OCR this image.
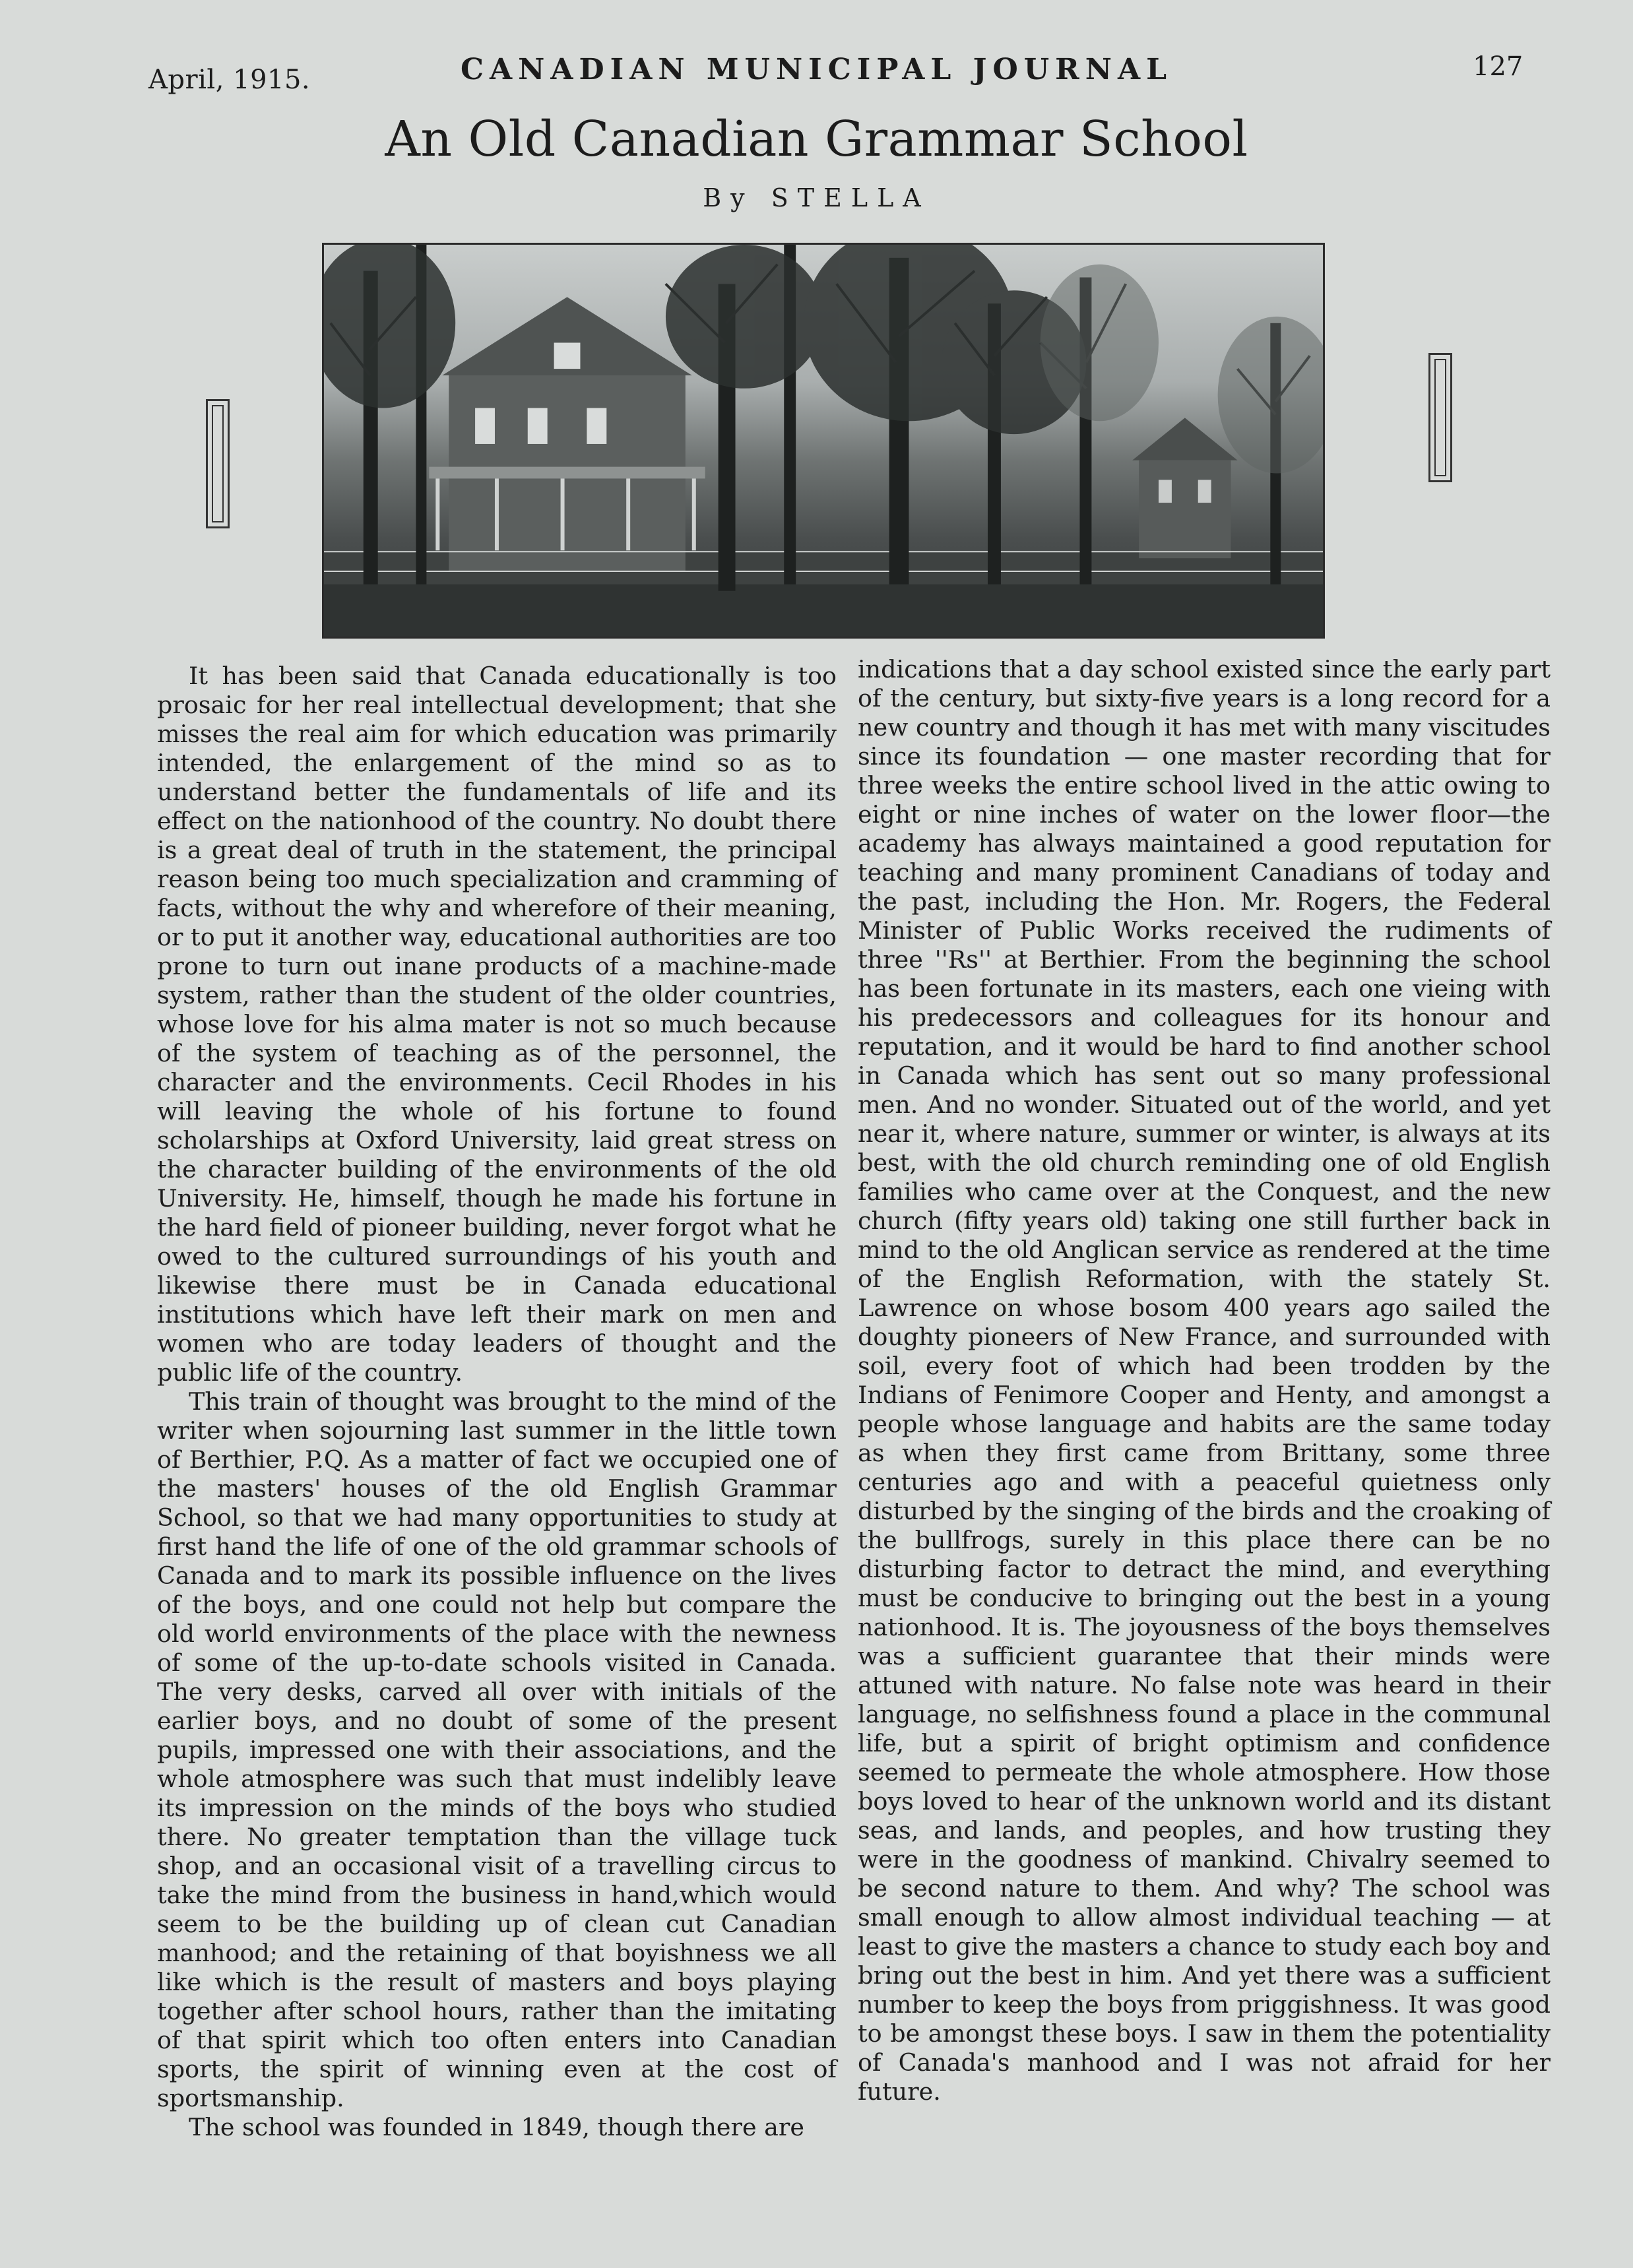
April, 1915.	CANADIAN MUNICIPAL JOURNAL	127
An Old Canadian Grammar School
By STELLA

It has been said that Canada educationally is too prosaic for her real intellectual development; that she misses the real aim for which education was primarily intended, the enlargement of the mind so as to understand better the fundamentals of life and its effect on the nationhood of the country. No doubt there is a great deal of truth in the statement, the principal reason being too much specialization and cramming of facts, without the why and wherefore of their meaning, or to put it another way, educational authorities are too prone to turn out inane products of a machine-made system, rather than the student of the older countries, whose love for his alma mater is not so much because of the system of teaching as of the personnel, the character and the environments. Cecil Rhodes in his will leaving the whole of his fortune to found scholarships at Oxford University, laid great stress on the character building of the environments of the old University. He, himself, though he made his fortune in the hard field of pioneer building, never forgot what he owed to the cultured surroundings of his youth and likewise there must be in Canada educational institutions which have left their mark on men and women who are today leaders of thought and the public life of the country.

This train of thought was brought to the mind of the writer when sojourning last summer in the little town of Berthier, P.Q. As a matter of fact we occupied one of the masters' houses of the old English Grammar School, so that we had many opportunities to study at first hand the life of one of the old grammar schools of Canada and to mark its possible influence on the lives of the boys, and one could not help but compare the old world environments of the place with the newness of some of the up-to-date schools visited in Canada. The very desks, carved all over with initials of the earlier boys, and no doubt of some of the present pupils, impressed one with their associations, and the whole atmosphere was such that must indelibly leave its impression on the minds of the boys who studied there. No greater temptation than the village tuck shop, and an occasional visit of a travelling circus to take the mind from the business in hand,which would seem to be the building up of clean cut Canadian manhood; and the retaining of that boyishness we all like which is the result of masters and boys playing together after school hours, rather than the imitating of that spirit which too often enters into Canadian sports, the spirit of winning even at the cost of sportsmanship.

The school was founded in 1849, though there are

indications that a day school existed since the early part of the century, but sixty-five years is a long record for a new country and though it has met with many viscitudes since its foundation — one master recording that for three weeks the entire school lived in the attic owing to eight or nine inches of water on the lower floor—the academy has always maintained a good reputation for teaching and many prominent Canadians of today and the past, including the Hon. Mr. Rogers, the Federal Minister of Public Works received the rudiments of three ''Rs'' at Berthier. From the beginning the school has been fortunate in its masters, each one vieing with his predecessors and colleagues for its honour and reputation, and it would be hard to find another school in Canada which has sent out so many professional men. And no wonder. Situated out of the world, and yet near it, where nature, summer or winter, is always at its best, with the old church reminding one of old English families who came over at the Conquest, and the new church (fifty years old) taking one still further back in mind to the old Anglican service as rendered at the time of the English Reformation, with the stately St. Lawrence on whose bosom 400 years ago sailed the doughty pioneers of New France, and surrounded with soil, every foot of which had been trodden by the Indians of Fenimore Cooper and Henty, and amongst a people whose language and habits are the same today as when they first came from Brittany, some three centuries ago and with a peaceful quietness only disturbed by the singing of the birds and the croaking of the bullfrogs, surely in this place there can be no disturbing factor to detract the mind, and everything must be conducive to bringing out the best in a young nationhood. It is. The joyousness of the boys themselves was a sufficient guarantee that their minds were attuned with nature. No false note was heard in their language, no selfishness found a place in the communal life, but a spirit of bright optimism and confidence seemed to permeate the whole atmosphere. How those boys loved to hear of the unknown world and its distant seas, and lands, and peoples, and how trusting they were in the goodness of mankind. Chivalry seemed to be second nature to them. And why? The school was small enough to allow almost individual teaching — at least to give the masters a chance to study each boy and bring out the best in him. And yet there was a sufficient number to keep the boys from priggishness. It was good to be amongst these boys. I saw in them the potentiality of Canada's manhood and I was not afraid for her future.
